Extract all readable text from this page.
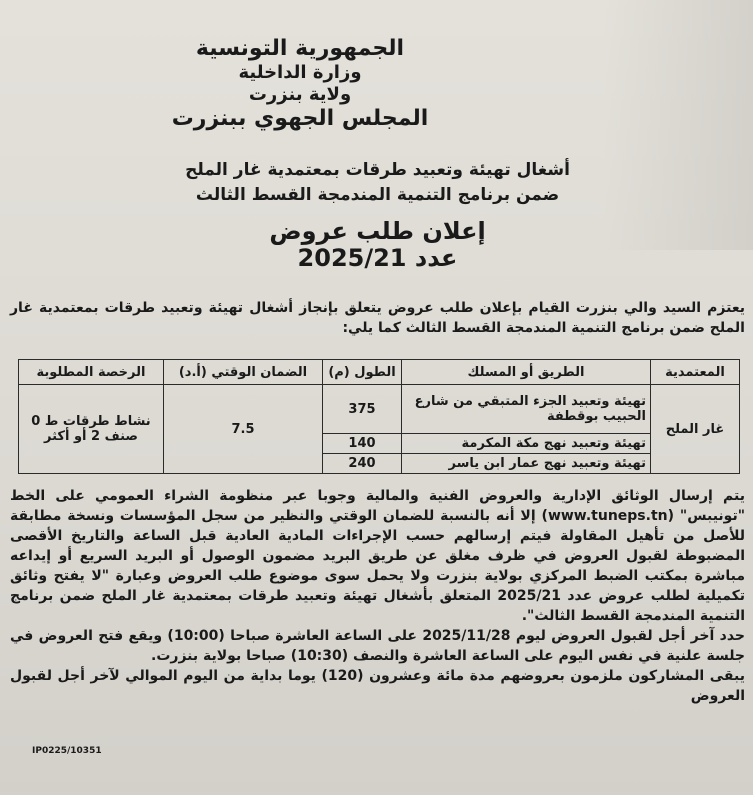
الجمهورية التونسية
وزارة الداخلية
ولاية بنزرت
المجلس الجهوي ببنزرت
أشغال تهيئة وتعبيد طرقات بمعتمدية غار الملح
ضمن برنامج التنمية المندمجة القسط الثالث
إعلان طلب عروض
عدد 2025/21
يعتزم السيد والي بنزرت القيام بإعلان طلب عروض يتعلق بإنجاز أشغال تهيئة وتعبيد طرقات بمعتمدية غار الملح ضمن برنامج التنمية المندمجة القسط الثالث كما يلي:
المعتمدية	الطريق أو المسلك	الطول (م)	الضمان الوقتي (أ.د)	الرخصة المطلوبة
غار الملح	تهيئة وتعبيد الجزء المتبقي من شارع الحبيب بوقطفة	375	7.5	نشاط طرقات ط 0 صنف 2 أو أكثر
	تهيئة وتعبيد نهج مكة المكرمة	140		
	تهيئة وتعبيد نهج عمار ابن ياسر	240		
يتم إرسال الوثائق الإدارية والعروض الفنية والمالية وجوبا عبر منظومة الشراء العمومي على الخط "تونيبس" (www.tuneps.tn) إلا أنه بالنسبة للضمان الوقتي والنظير من سجل المؤسسات ونسخة مطابقة للأصل من تأهيل المقاولة فيتم إرسالهم حسب الإجراءات المادية العادية قبل الساعة والتاريخ الأقصى المضبوطة لقبول العروض في ظرف مغلق عن طريق البريد مضمون الوصول أو البريد السريع أو إيداعه مباشرة بمكتب الضبط المركزي بولاية بنزرت ولا يحمل سوى موضوع طلب العروض وعبارة "لا يفتح وثائق تكميلية لطلب عروض عدد 2025/21 المتعلق بأشغال تهيئة وتعبيد طرقات بمعتمدية غار الملح ضمن برنامج التنمية المندمجة القسط الثالث".
حدد آخر أجل لقبول العروض ليوم 2025/11/28 على الساعة العاشرة صباحا (10:00) ويقع فتح العروض في جلسة علنية في نفس اليوم على الساعة العاشرة والنصف (10:30) صباحا بولاية بنزرت.
يبقى المشاركون ملزمون بعروضهم مدة مائة وعشرون (120) يوما بداية من اليوم الموالي لآخر أجل لقبول العروض
IP0225/10351
